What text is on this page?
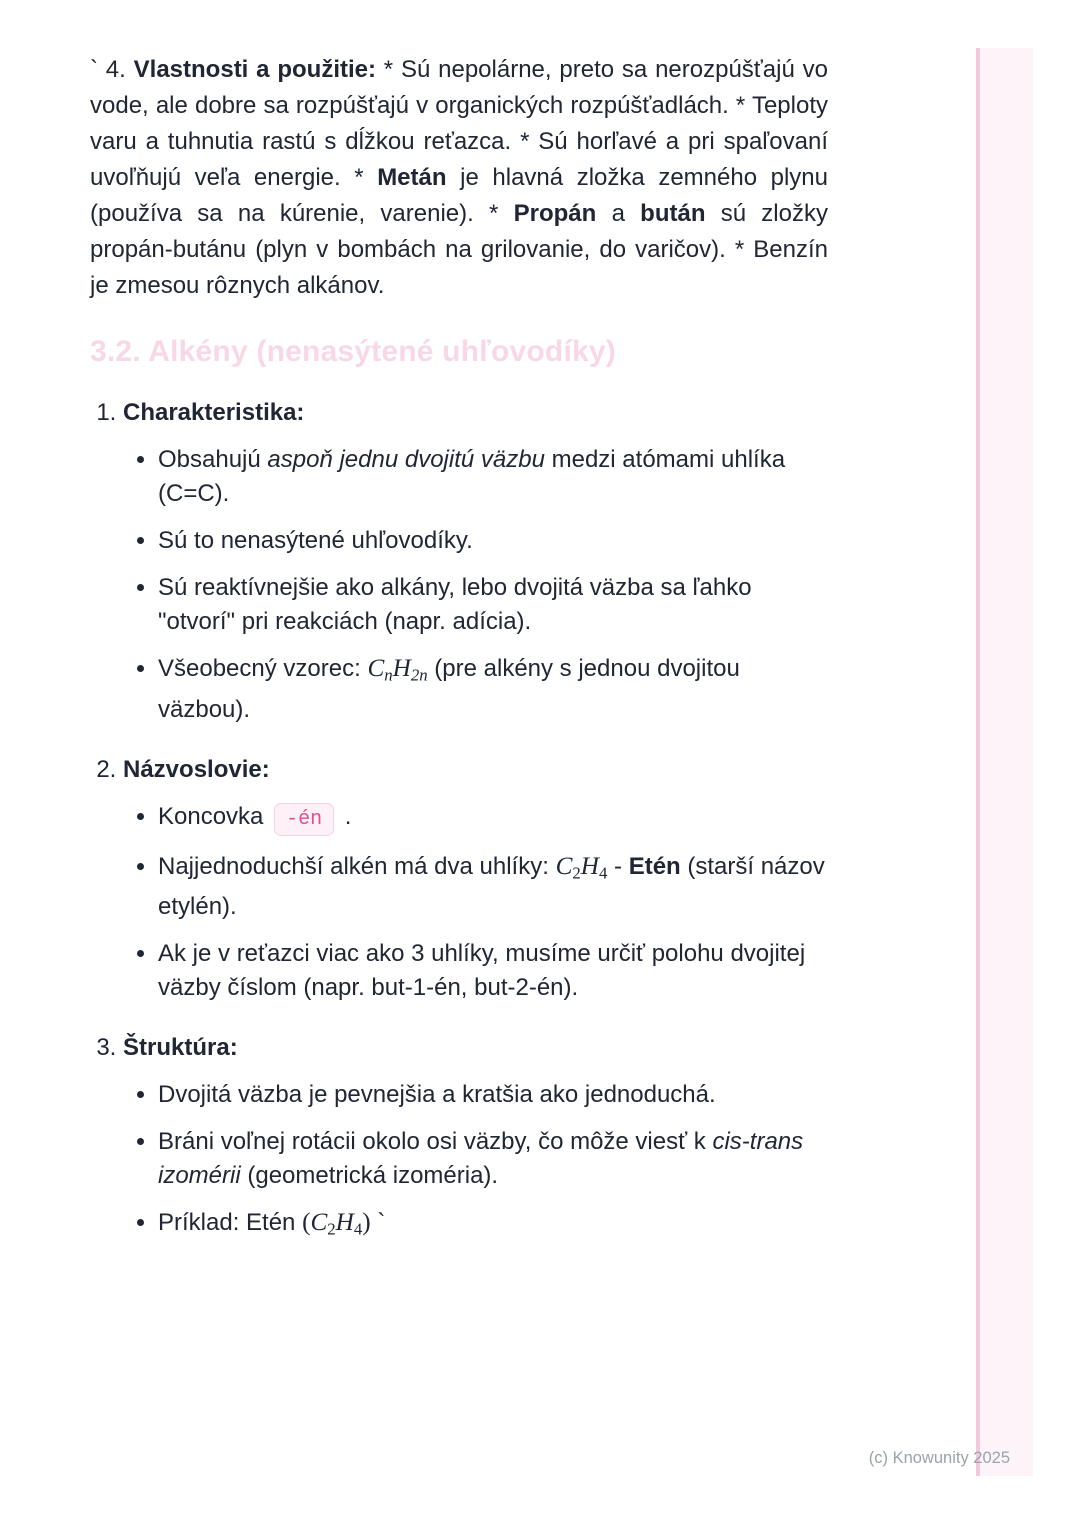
` 4. Vlastnosti a použitie: * Sú nepolárne, preto sa nerozpúšťajú vo vode, ale dobre sa rozpúšťajú v organických rozpúšťadlách. * Teploty varu a tuhnutia rastú s dĺžkou reťazca. * Sú horľavé a pri spaľovaní uvoľňujú veľa energie. * Metán je hlavná zložka zemného plynu (používa sa na kúrenie, varenie). * Propán a bután sú zložky propán-butánu (plyn v bombách na grilovanie, do varičov). * Benzín je zmesou rôznych alkánov.

3.2. Alkény (nenasýtené uhľovodíky)
1. Charakteristika:
• Obsahujú aspoň jednu dvojitú väzbu medzi atómami uhlíka (C=C).
• Sú to nenasýtené uhľovodíky.
• Sú reaktívnejšie ako alkány, lebo dvojitá väzba sa ľahko "otvorí" pri reakciách (napr. adícia).
• Všeobecný vzorec: CnH2n (pre alkény s jednou dvojitou väzbou).
2. Názvoslovie:
• Koncovka -én .
• Najjednoduchší alkén má dva uhlíky: C2H4 - Etén (starší názov etylén).
• Ak je v reťazci viac ako 3 uhlíky, musíme určiť polohu dvojitej väzby číslom (napr. but-1-én, but-2-én).
3. Štruktúra:
• Dvojitá väzba je pevnejšia a kratšia ako jednoduchá.
• Bráni voľnej rotácii okolo osi väzby, čo môže viesť k cis-trans izomérii (geometrická izoméria).
• Príklad: Etén (C2H4) `
(c) Knowunity 2025
